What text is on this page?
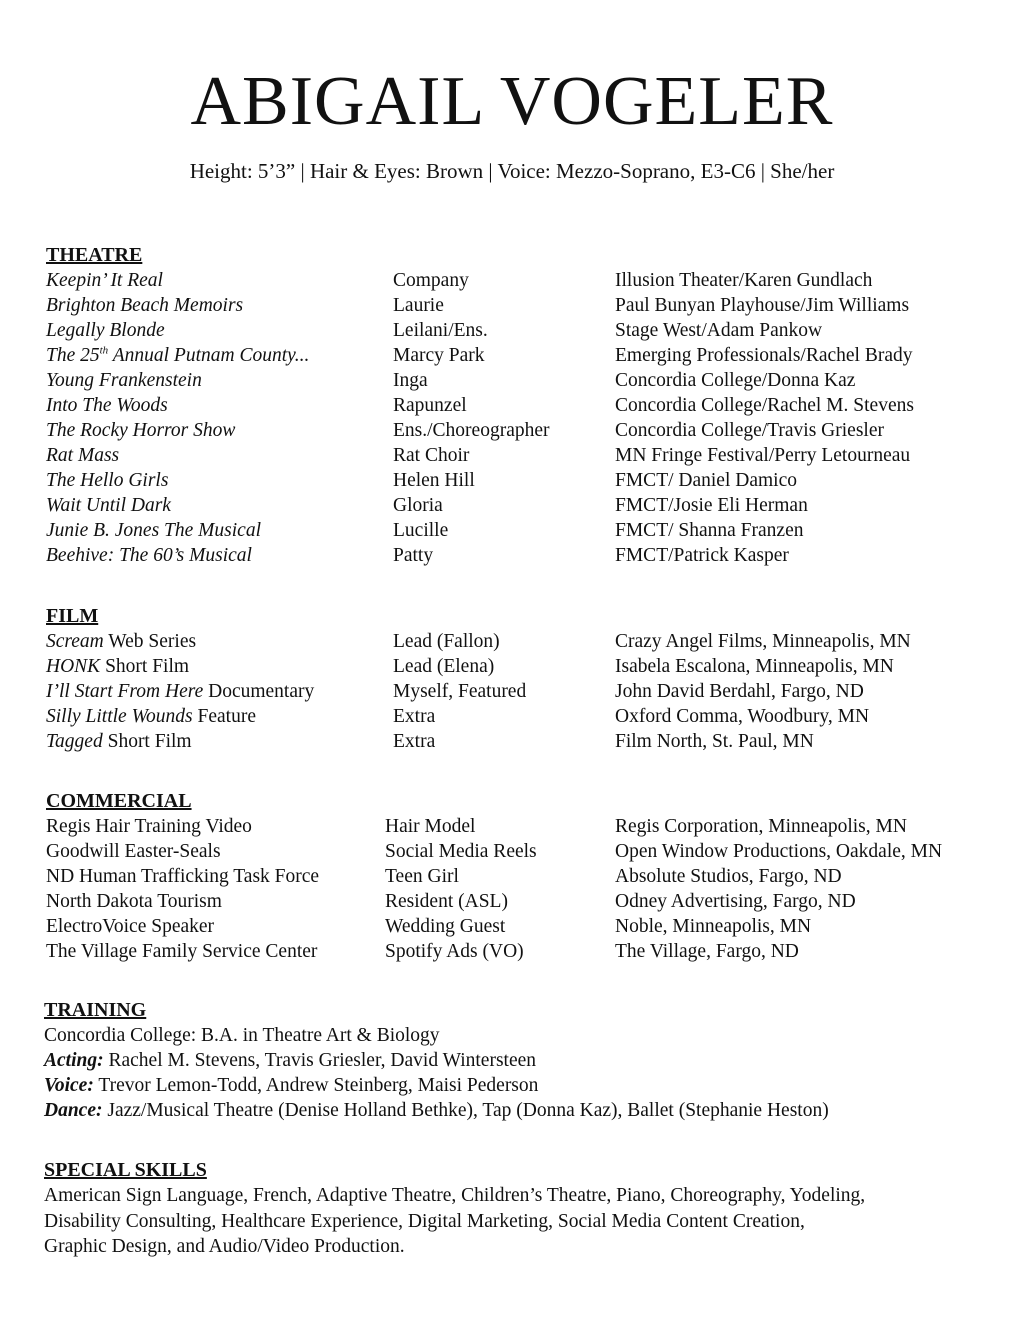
ABIGAIL VOGELER
Height: 5’3” | Hair & Eyes: Brown | Voice: Mezzo-Soprano, E3-C6 | She/her
THEATRE
Keepin’ It Real	Company	Illusion Theater/Karen Gundlach
Brighton Beach Memoirs	Laurie	Paul Bunyan Playhouse/Jim Williams
Legally Blonde	Leilani/Ens.	Stage West/Adam Pankow
The 25th Annual Putnam County...	Marcy Park	Emerging Professionals/Rachel Brady
Young Frankenstein	Inga	Concordia College/Donna Kaz
Into The Woods	Rapunzel	Concordia College/Rachel M. Stevens
The Rocky Horror Show	Ens./Choreographer	Concordia College/Travis Griesler
Rat Mass	Rat Choir	MN Fringe Festival/Perry Letourneau
The Hello Girls	Helen Hill	FMCT/ Daniel Damico
Wait Until Dark	Gloria	FMCT/Josie Eli Herman
Junie B. Jones The Musical	Lucille	FMCT/ Shanna Franzen
Beehive: The 60’s Musical	Patty	FMCT/Patrick Kasper
FILM
Scream Web Series	Lead (Fallon)	Crazy Angel Films, Minneapolis, MN
HONK Short Film	Lead (Elena)	Isabela Escalona, Minneapolis, MN
I’ll Start From Here Documentary	Myself, Featured	John David Berdahl, Fargo, ND
Silly Little Wounds Feature	Extra	Oxford Comma, Woodbury, MN
Tagged Short Film	Extra	Film North, St. Paul, MN
COMMERCIAL
Regis Hair Training Video	Hair Model	Regis Corporation, Minneapolis, MN
Goodwill Easter-Seals	Social Media Reels	Open Window Productions, Oakdale, MN
ND Human Trafficking Task Force	Teen Girl	Absolute Studios, Fargo, ND
North Dakota Tourism	Resident (ASL)	Odney Advertising, Fargo, ND
ElectroVoice Speaker	Wedding Guest	Noble, Minneapolis, MN
The Village Family Service Center	Spotify Ads (VO)	The Village, Fargo, ND
TRAINING
Concordia College: B.A. in Theatre Art & Biology
Acting: Rachel M. Stevens, Travis Griesler, David Wintersteen
Voice: Trevor Lemon-Todd, Andrew Steinberg, Maisi Pederson
Dance: Jazz/Musical Theatre (Denise Holland Bethke), Tap (Donna Kaz), Ballet (Stephanie Heston)
SPECIAL SKILLS
American Sign Language, French, Adaptive Theatre, Children’s Theatre, Piano, Choreography, Yodeling,
Disability Consulting, Healthcare Experience, Digital Marketing, Social Media Content Creation,
Graphic Design, and Audio/Video Production.
